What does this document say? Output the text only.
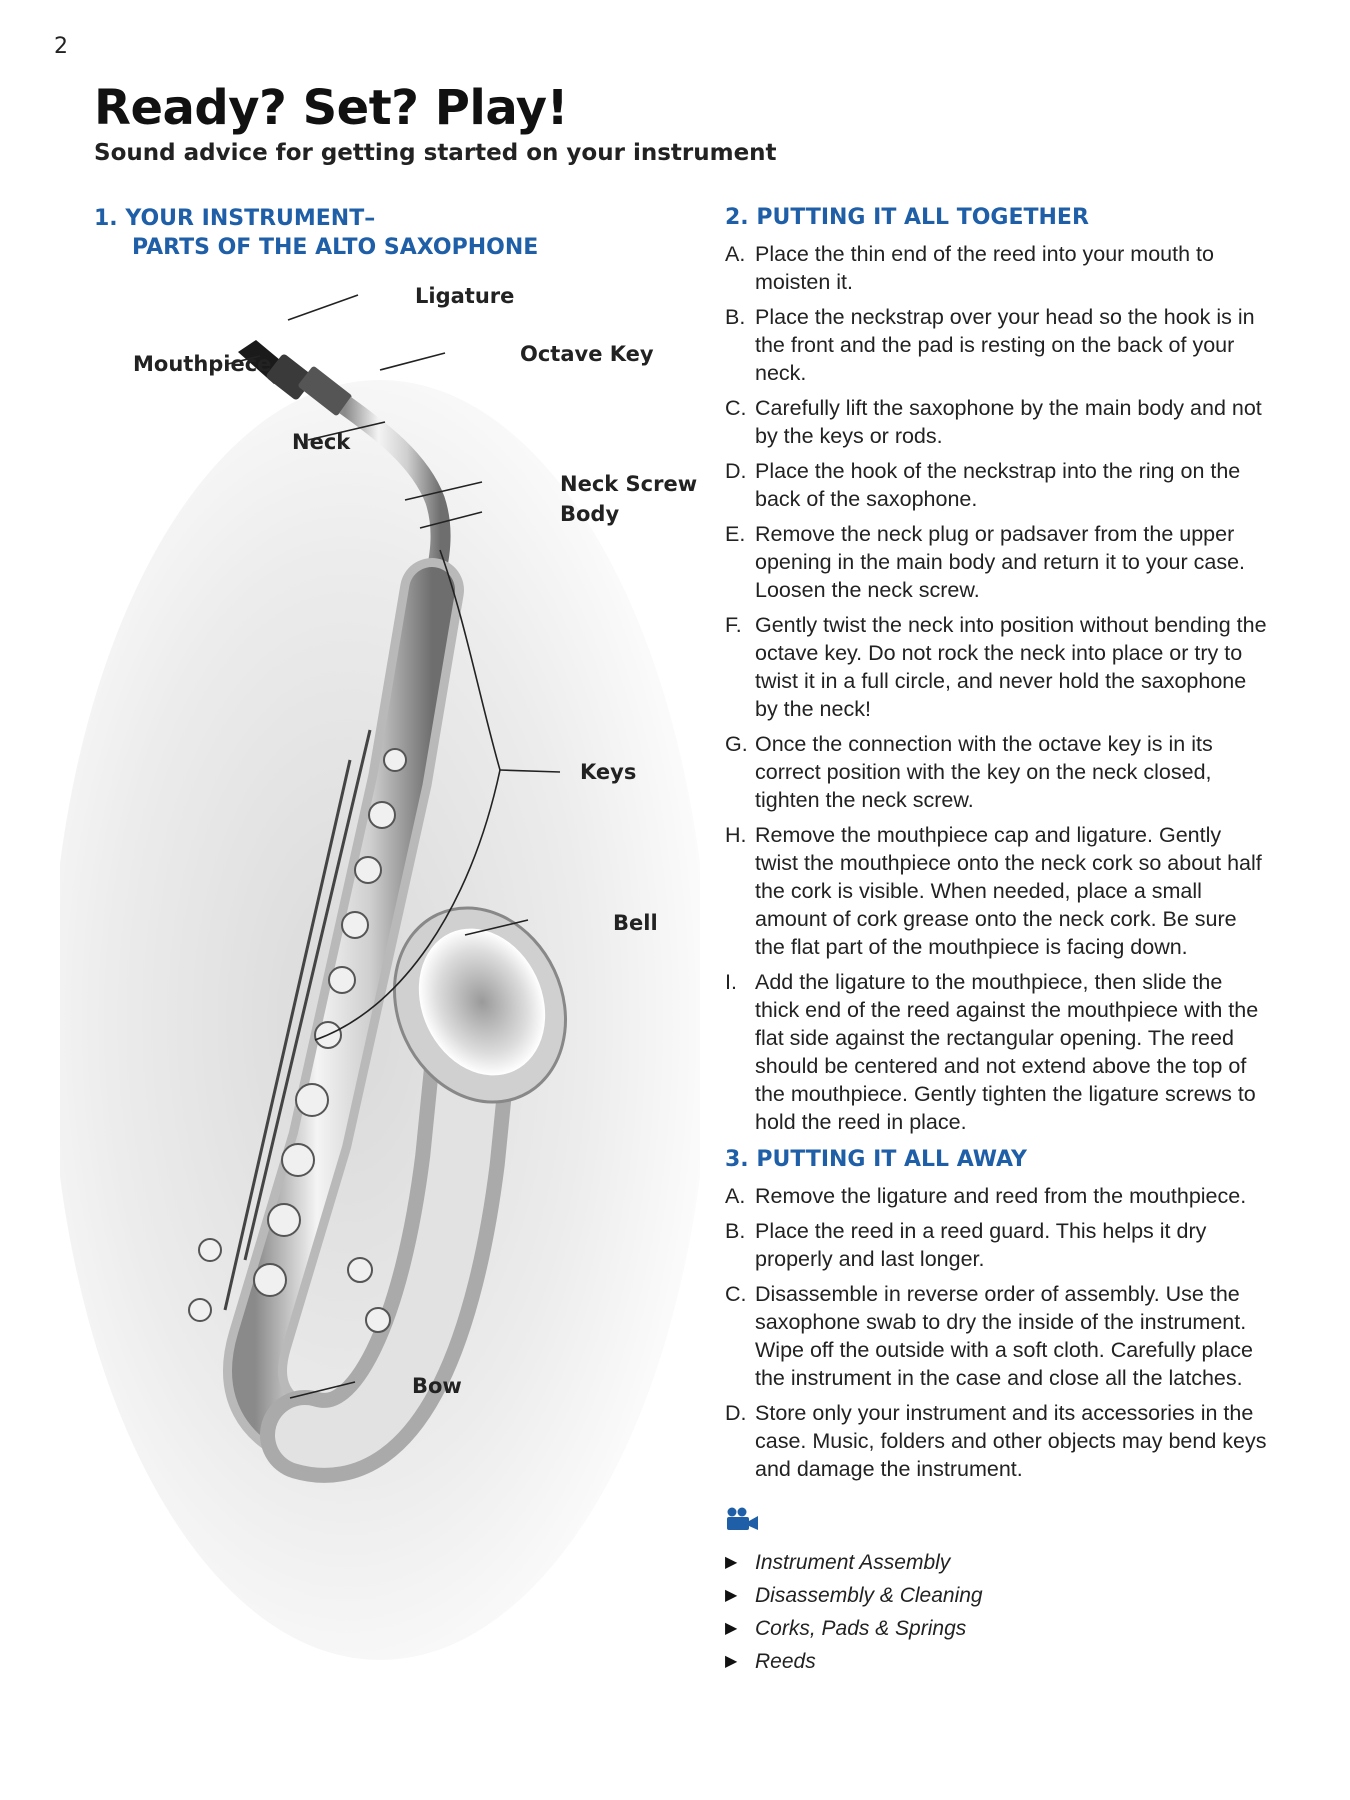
2
Ready? Set? Play!
Sound advice for getting started on your instrument
1. YOUR INSTRUMENT–
PARTS OF THE ALTO SAXOPHONE
Ligature
Mouthpiece	Octave Key
Neck
Neck Screw
Body
Keys
Bell
Bow
2. PUTTING IT ALL TOGETHER
A. Place the thin end of the reed into your mouth to moisten it.
B. Place the neckstrap over your head so the hook is in the front and the pad is resting on the back of your neck.
C. Carefully lift the saxophone by the main body and not by the keys or rods.
D. Place the hook of the neckstrap into the ring on the back of the saxophone.
E. Remove the neck plug or padsaver from the upper opening in the main body and return it to your case. Loosen the neck screw.
F. Gently twist the neck into position without bending the octave key. Do not rock the neck into place or try to twist it in a full circle, and never hold the saxophone by the neck!
G. Once the connection with the octave key is in its correct position with the key on the neck closed, tighten the neck screw.
H. Remove the mouthpiece cap and ligature. Gently twist the mouthpiece onto the neck cork so about half the cork is visible. When needed, place a small amount of cork grease onto the neck cork. Be sure the flat part of the mouthpiece is facing down.
I. Add the ligature to the mouthpiece, then slide the thick end of the reed against the mouthpiece with the flat side against the rectangular opening. The reed should be centered and not extend above the top of the mouthpiece. Gently tighten the ligature screws to hold the reed in place.
3. PUTTING IT ALL AWAY
A. Remove the ligature and reed from the mouthpiece.
B. Place the reed in a reed guard. This helps it dry properly and last longer.
C. Disassemble in reverse order of assembly. Use the saxophone swab to dry the inside of the instrument. Wipe off the outside with a soft cloth. Carefully place the instrument in the case and close all the latches.
D. Store only your instrument and its accessories in the case. Music, folders and other objects may bend keys and damage the instrument.
▶ Instrument Assembly
▶ Disassembly & Cleaning
▶ Corks, Pads & Springs
▶ Reeds
